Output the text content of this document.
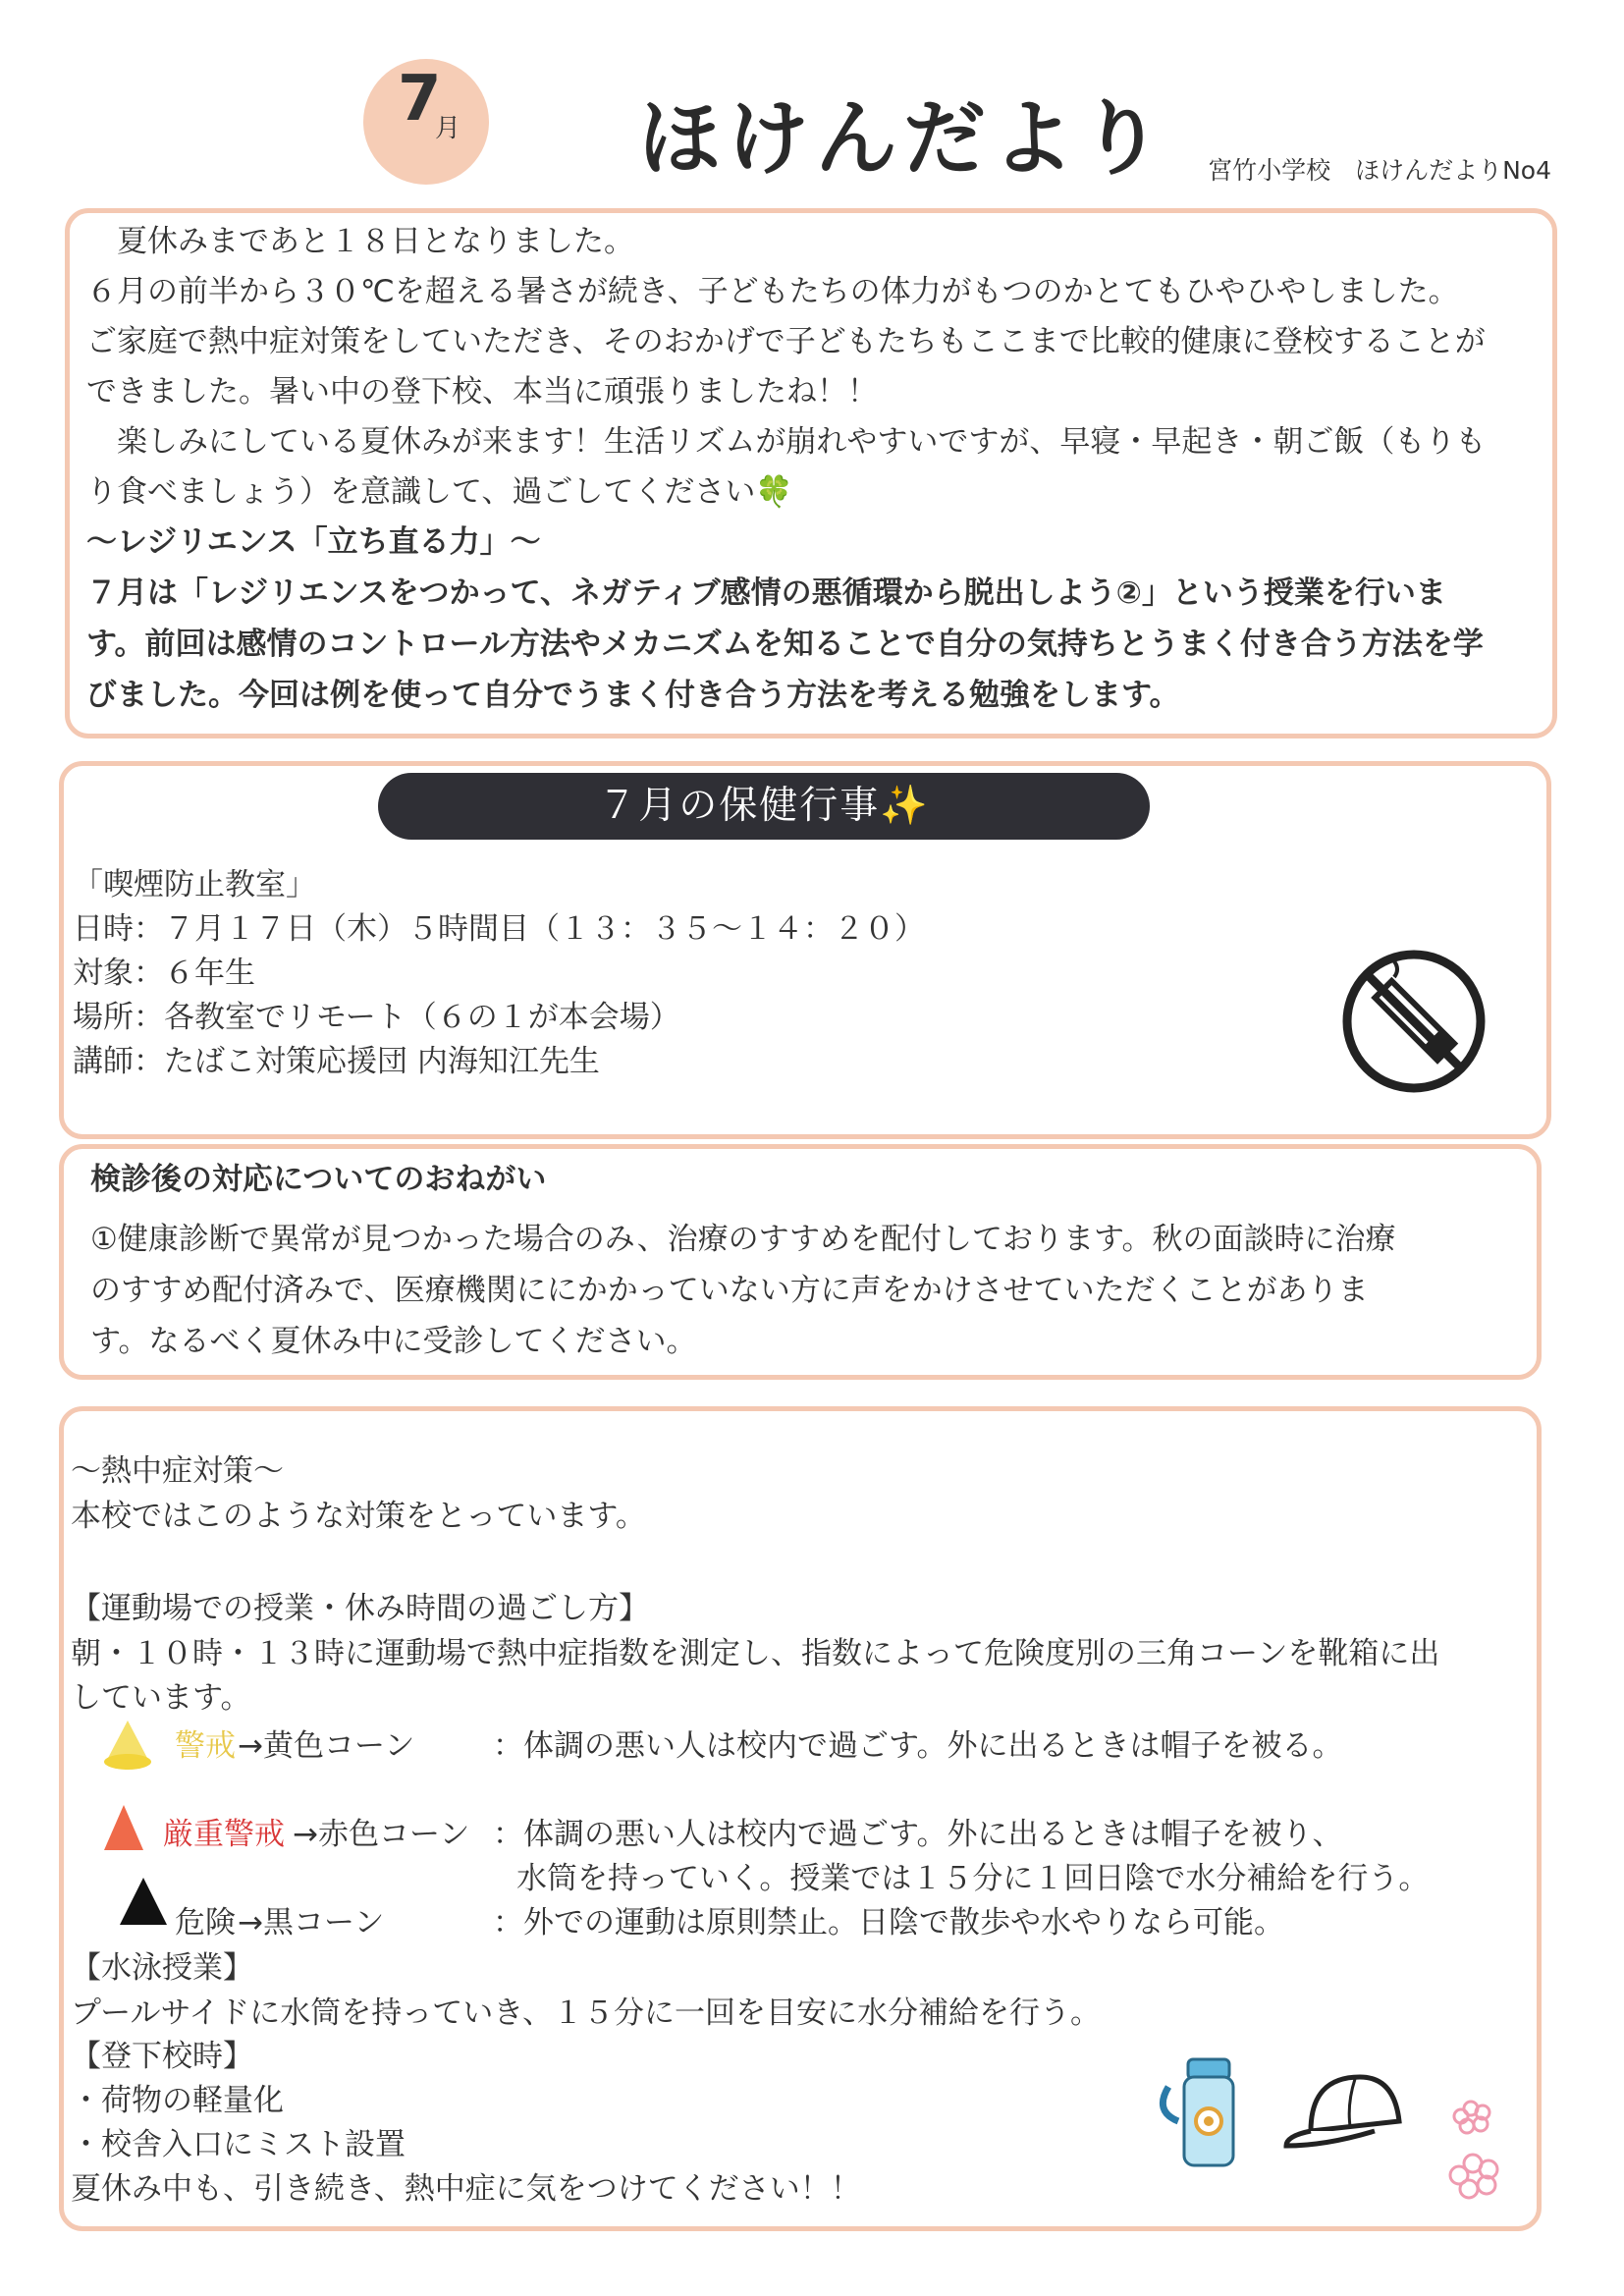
7
月 ほけんだより 宮竹小学校　ほけんだよりNo4
　夏休みまであと１８日となりました。
６月の前半から３０℃を超える暑さが続き、子どもたちの体力がもつのかとてもひやひやしました。
ご家庭で熱中症対策をしていただき、そのおかげで子どもたちもここまで比較的健康に登校することが
できました。暑い中の登下校、本当に頑張りましたね！！
　楽しみにしている夏休みが来ます！生活リズムが崩れやすいですが、早寝・早起き・朝ご飯（もりも
り食べましょう）を意識して、過ごしてください🍀
〜レジリエンス「立ち直る力」〜
７月は「レジリエンスをつかって、ネガティブ感情の悪循環から脱出しよう②」という授業を行いま
す。前回は感情のコントロール方法やメカニズムを知ることで自分の気持ちとうまく付き合う方法を学
びました。今回は例を使って自分でうまく付き合う方法を考える勉強をします。
７月の保健行事✨
「喫煙防止教室」
日時：７月１７日（木）５時間目（１３：３５〜１４：２０）
対象：６年生
場所：各教室でリモート（６の１が本会場）
講師：たばこ対策応援団 内海知江先生
検診後の対応についてのおねがい
①健康診断で異常が見つかった場合のみ、治療のすすめを配付しております。秋の面談時に治療
のすすめ配付済みで、医療機関ににかかっていない方に声をかけさせていただくことがありま
す。なるべく夏休み中に受診してください。
〜熱中症対策〜
本校ではこのような対策をとっています。
【運動場での授業・休み時間の過ごし方】
朝・１０時・１３時に運動場で熱中症指数を測定し、指数によって危険度別の三角コーンを靴箱に出
しています。
警戒 →黄色コーン	：体調の悪い人は校内で過ごす。外に出るときは帽子を被る。
厳重警戒 →赤色コーン ：体調の悪い人は校内で過ごす。外に出るときは帽子を被り、
水筒を持っていく。授業では１５分に１回日陰で水分補給を行う。
危険 →黒コーン	：外での運動は原則禁止。日陰で散歩や水やりなら可能。
【水泳授業】
プールサイドに水筒を持っていき、１５分に一回を目安に水分補給を行う。
【登下校時】
・荷物の軽量化
・校舎入口にミスト設置
夏休み中も、引き続き、熱中症に気をつけてください！！
